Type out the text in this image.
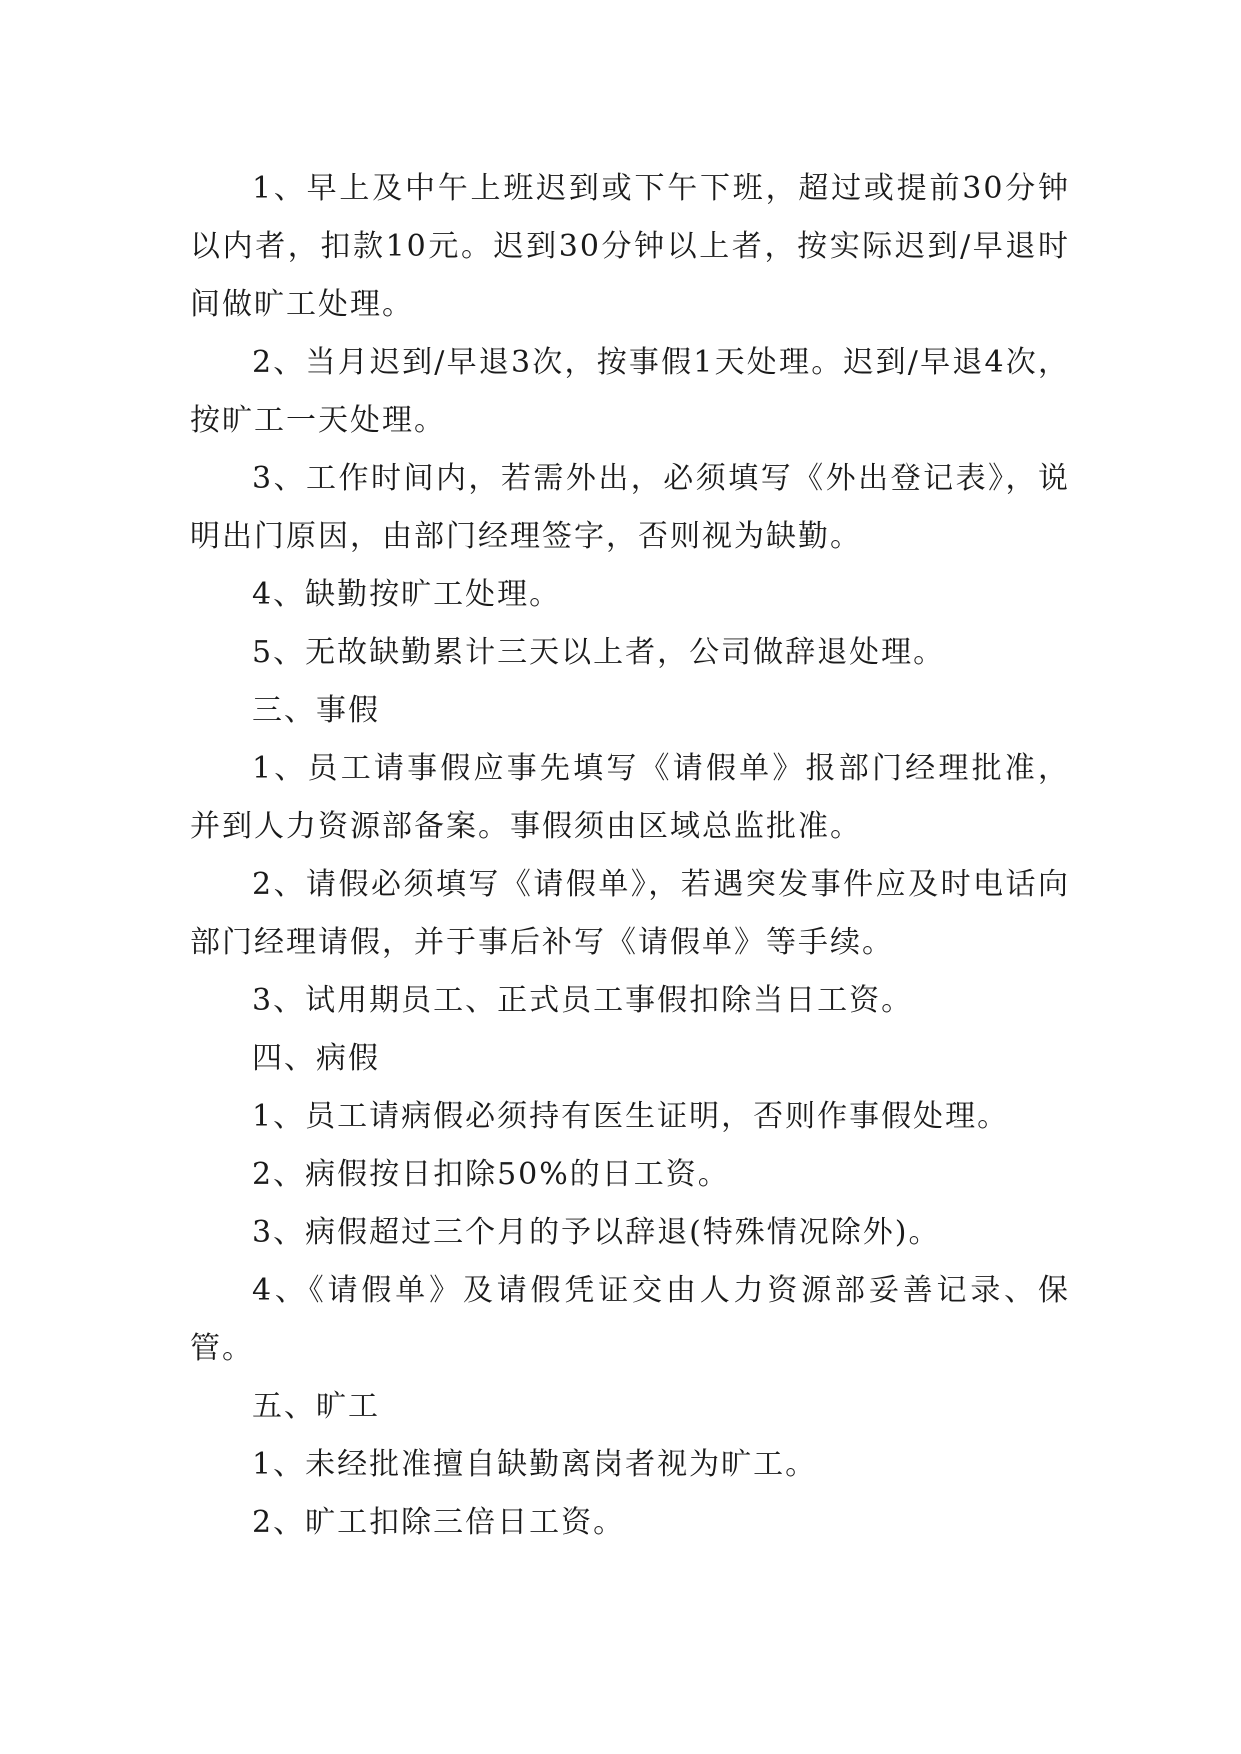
1、早上及中午上班迟到或下午下班，超过或提前30分钟以内者，扣款10元。迟到30分钟以上者，按实际迟到/早退时间做旷工处理。

2、当月迟到/早退3次，按事假1天处理。迟到/早退4次，按旷工一天处理。

3、工作时间内，若需外出，必须填写《外出登记表》，说明出门原因，由部门经理签字，否则视为缺勤。

4、缺勤按旷工处理。

5、无故缺勤累计三天以上者，公司做辞退处理。

三、事假

1、员工请事假应事先填写《请假单》报部门经理批准，并到人力资源部备案。事假须由区域总监批准。

2、请假必须填写《请假单》，若遇突发事件应及时电话向部门经理请假，并于事后补写《请假单》等手续。

3、试用期员工、正式员工事假扣除当日工资。

四、病假

1、员工请病假必须持有医生证明，否则作事假处理。

2、病假按日扣除50%的日工资。

3、病假超过三个月的予以辞退(特殊情况除外)。

4、《请假单》及请假凭证交由人力资源部妥善记录、保管。

五、旷工

1、未经批准擅自缺勤离岗者视为旷工。

2、旷工扣除三倍日工资。
